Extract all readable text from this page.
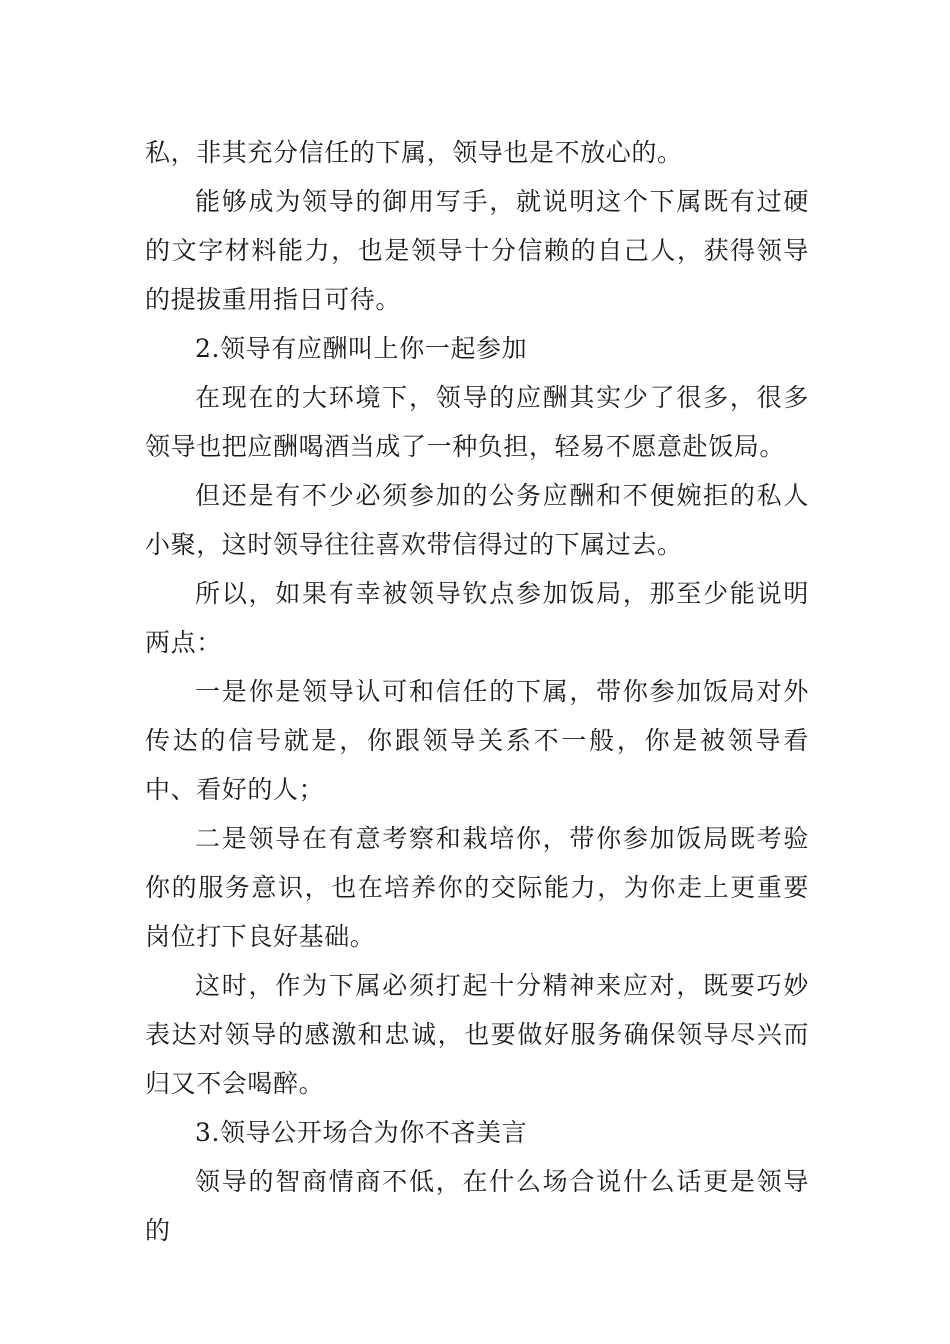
私，非其充分信任的下属，领导也是不放心的。

能够成为领导的御用写手，就说明这个下属既有过硬的文字材料能力，也是领导十分信赖的自己人，获得领导的提拔重用指日可待。

2.领导有应酬叫上你一起参加

在现在的大环境下，领导的应酬其实少了很多，很多领导也把应酬喝酒当成了一种负担，轻易不愿意赴饭局。

但还是有不少必须参加的公务应酬和不便婉拒的私人小聚，这时领导往往喜欢带信得过的下属过去。

所以，如果有幸被领导钦点参加饭局，那至少能说明两点：

一是你是领导认可和信任的下属，带你参加饭局对外传达的信号就是，你跟领导关系不一般，你是被领导看中、看好的人；

二是领导在有意考察和栽培你，带你参加饭局既考验你的服务意识，也在培养你的交际能力，为你走上更重要岗位打下良好基础。

这时，作为下属必须打起十分精神来应对，既要巧妙表达对领导的感激和忠诚，也要做好服务确保领导尽兴而归又不会喝醉。

3.领导公开场合为你不吝美言

领导的智商情商不低，在什么场合说什么话更是领导的
